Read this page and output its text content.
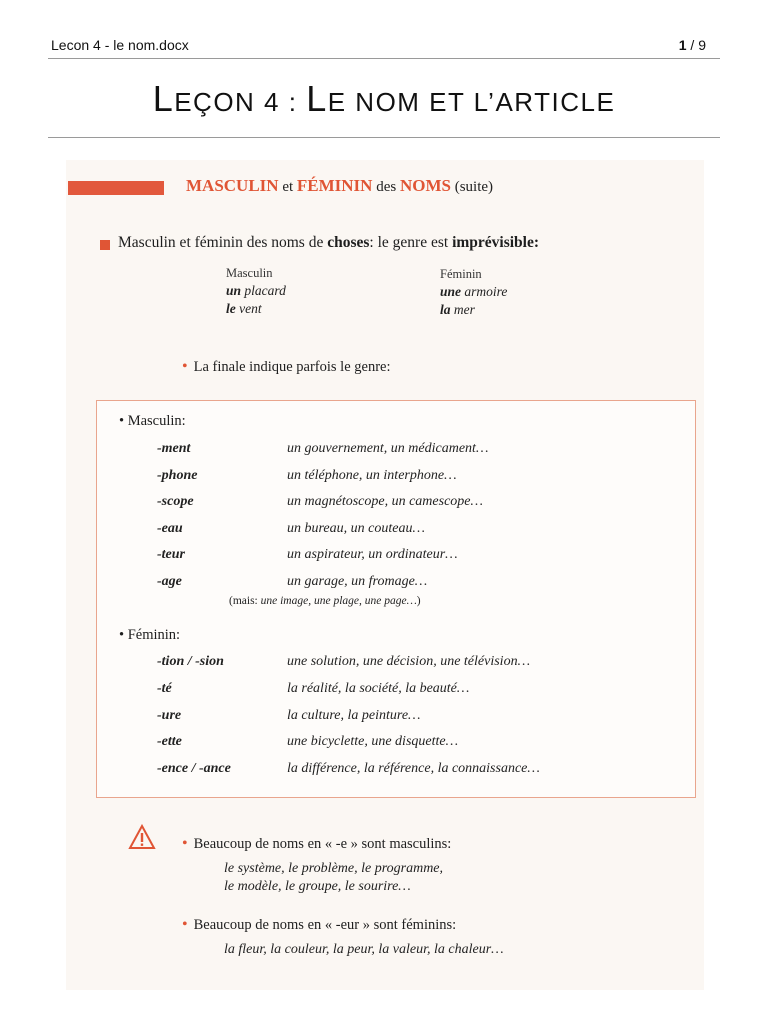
Lecon 4 - le nom.docx	1 / 9
LEÇON 4 : LE NOM ET L’ARTICLE
MASCULIN et FÉMININ des NOMS (suite)
Masculin et féminin des noms de choses: le genre est imprévisible:
Masculin
un placard
le vent
Féminin
une armoire
la mer
• La finale indique parfois le genre:
• Masculin:
-ment	un gouvernement, un médicament…
-phone	un téléphone, un interphone…
-scope	un magnétoscope, un camescope…
-eau	un bureau, un couteau…
-teur	un aspirateur, un ordinateur…
-age	un garage, un fromage…
(mais: une image, une plage, une page…)
• Féminin:
-tion / -sion	une solution, une décision, une télévision…
-té	la réalité, la société, la beauté…
-ure	la culture, la peinture…
-ette	une bicyclette, une disquette…
-ence / -ance	la différence, la référence, la connaissance…
• Beaucoup de noms en « -e » sont masculins:
le système, le problème, le programme,
le modèle, le groupe, le sourire…
• Beaucoup de noms en « -eur » sont féminins:
la fleur, la couleur, la peur, la valeur, la chaleur…
